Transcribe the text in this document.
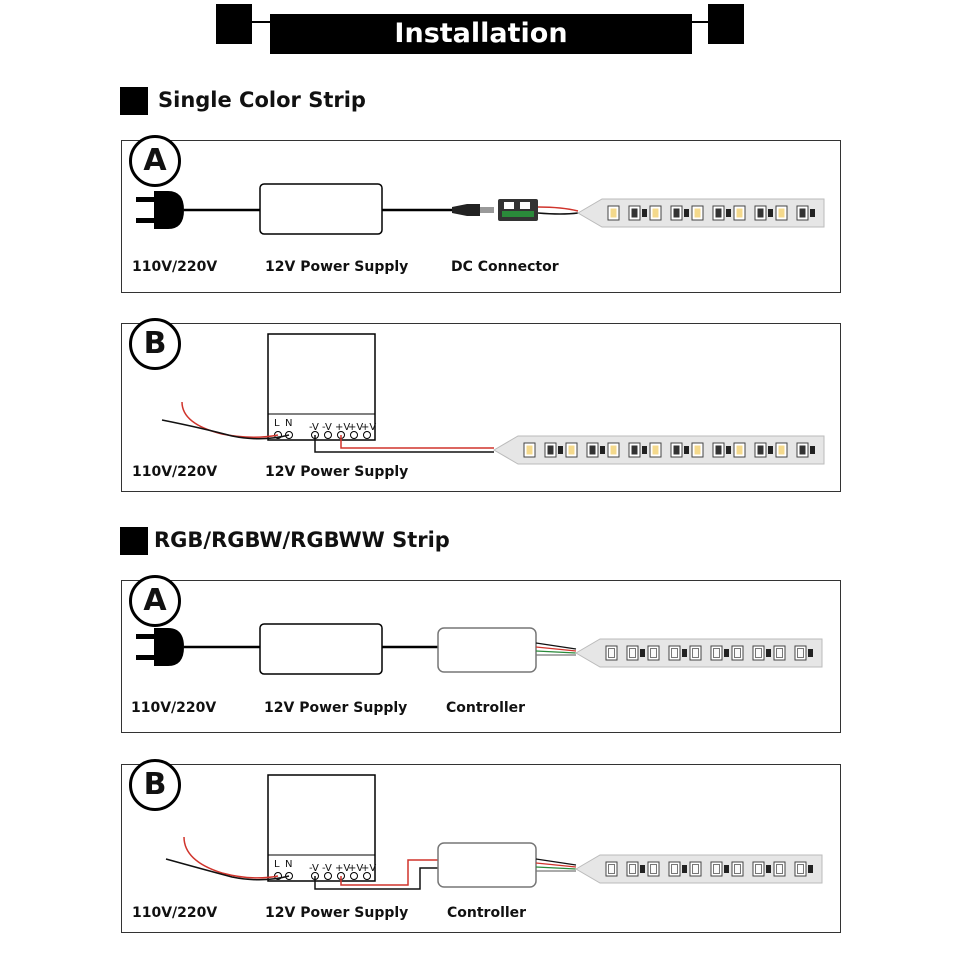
Installation
Single Color Strip
A
110V/220V	12V Power Supply	DC Connector
B
L N -V -V +V
+V
+V
110V/220V	12V Power Supply
RGB/RGBW/RGBWW Strip
A
110V/220V	12V Power Supply	Controller
B
L N -V -V +V
+V
+V
110V/220V	12V Power Supply	Controller
